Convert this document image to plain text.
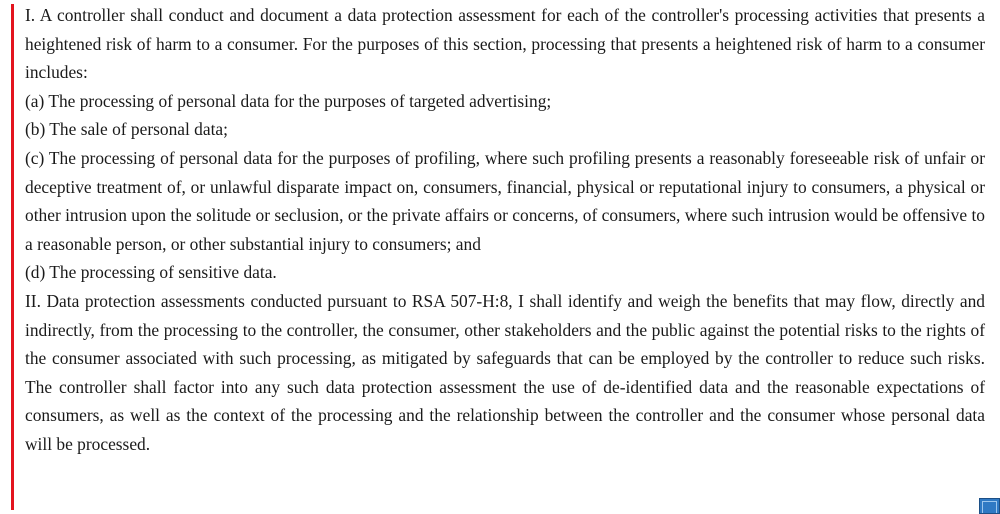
I. A controller shall conduct and document a data protection assessment for each of the controller's processing activities that presents a heightened risk of harm to a consumer. For the purposes of this section, processing that presents a heightened risk of harm to a consumer includes:

(a) The processing of personal data for the purposes of targeted advertising;

(b) The sale of personal data;

(c) The processing of personal data for the purposes of profiling, where such profiling presents a reasonably foreseeable risk of unfair or deceptive treatment of, or unlawful disparate impact on, consumers, financial, physical or reputational injury to consumers, a physical or other intrusion upon the solitude or seclusion, or the private affairs or concerns, of consumers, where such intrusion would be offensive to a reasonable person, or other substantial injury to consumers; and

(d) The processing of sensitive data.

II. Data protection assessments conducted pursuant to RSA 507-H:8, I shall identify and weigh the benefits that may flow, directly and indirectly, from the processing to the controller, the consumer, other stakeholders and the public against the potential risks to the rights of the consumer associated with such processing, as mitigated by safeguards that can be employed by the controller to reduce such risks. The controller shall factor into any such data protection assessment the use of de-identified data and the reasonable expectations of consumers, as well as the context of the processing and the relationship between the controller and the consumer whose personal data will be processed.
